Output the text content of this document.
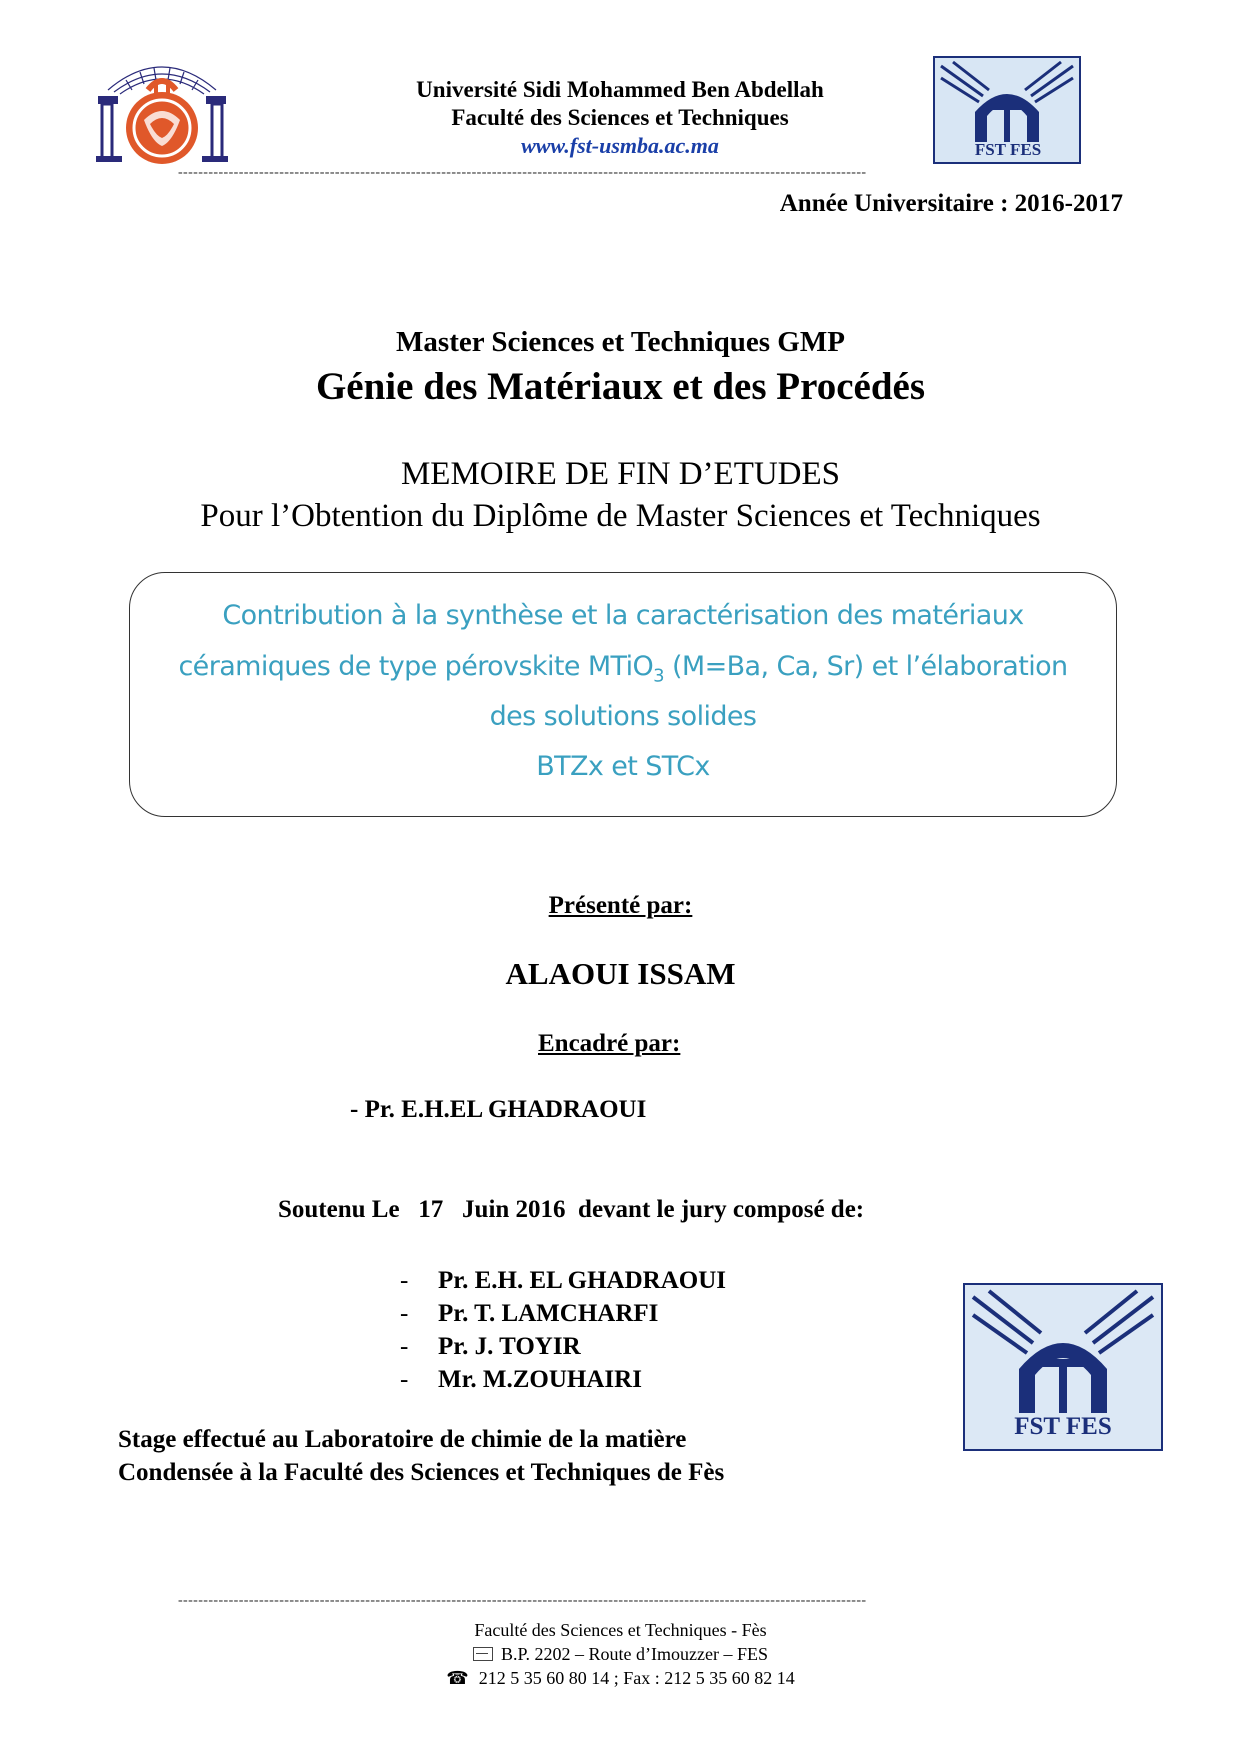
Université Sidi Mohammed Ben Abdellah
Faculté des Sciences et Techniques
www.fst-usmba.ac.ma	FST FES
----------------------------------------------------------------------------------------------------------------------------------------
Année Universitaire : 2016-2017
Master Sciences et Techniques GMP
Génie des Matériaux et des Procédés
MEMOIRE DE FIN D’ETUDES
Pour l’Obtention du Diplôme de Master Sciences et Techniques
Contribution à la synthèse et la caractérisation des matériaux
céramiques de type pérovskite MTiO$_3$ (M=Ba, Ca, Sr) et l’élaboration
des solutions solides
BTZx et STCx
Présenté par:
ALAOUI ISSAM
Encadré par:
- Pr. E.H.EL GHADRAOUI
Soutenu Le   17   Juin 2016  devant le jury composé de:
-	Pr. E.H. EL GHADRAOUI
-	Pr. T. LAMCHARFI
-	Pr. J. TOYIR
-	Mr. M.ZOUHAIRI
FST FES
Stage effectué au Laboratoire de chimie de la matière
Condensée à la Faculté des Sciences et Techniques de Fès
----------------------------------------------------------------------------------------------------------------------------------------
Faculté des Sciences et Techniques - Fès
B.P. 2202 – Route d’Imouzzer – FES
☎ 212 5 35 60 80 14 ; Fax : 212 5 35 60 82 14
